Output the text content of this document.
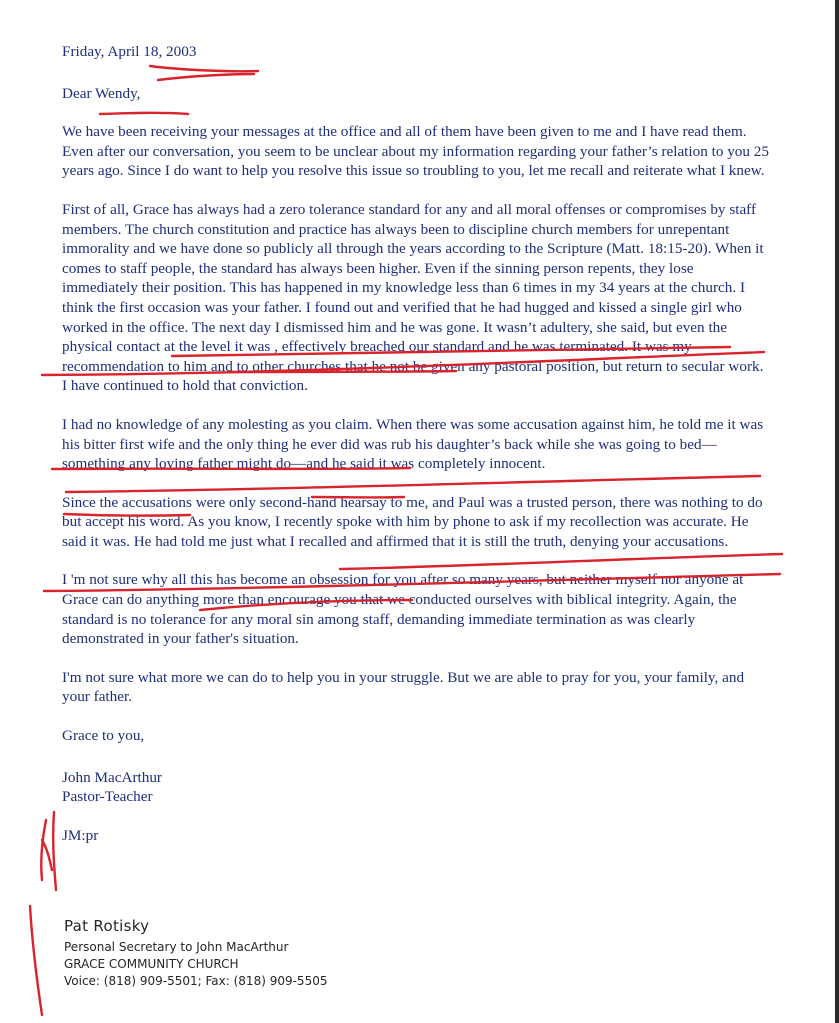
Friday, April 18, 2003
Dear Wendy,

We have been receiving your messages at the office and all of them have been given to me and I have read them. Even after our conversation, you seem to be unclear about my information regarding your father’s relation to you 25 years ago. Since I do want to help you resolve this issue so troubling to you, let me recall and reiterate what I knew.

First of all, Grace has always had a zero tolerance standard for any and all moral offenses or compromises by staff members. The church constitution and practice has always been to discipline church members for unrepentant immorality and we have done so publicly all through the years according to the Scripture (Matt. 18:15-20). When it comes to staff people, the standard has always been higher. Even if the sinning person repents, they lose immediately their position. This has happened in my knowledge less than 6 times in my 34 years at the church. I think the first occasion was your father. I found out and verified that he had hugged and kissed a single girl who worked in the office. The next day I dismissed him and he was gone. It wasn’t adultery, she said, but even the physical contact at the level it was , effectively breached our standard and he was terminated. It was my recommendation to him and to other churches that he not be given any pastoral position, but return to secular work. I have continued to hold that conviction.

I had no knowledge of any molesting as you claim. When there was some accusation against him, he told me it was his bitter first wife and the only thing he ever did was rub his daughter’s back while she was going to bed—something any loving father might do—and he said it was completely innocent.

Since the accusations were only second-hand hearsay to me, and Paul was a trusted person, there was nothing to do but accept his word. As you know, I recently spoke with him by phone to ask if my recollection was accurate. He said it was. He had told me just what I recalled and affirmed that it is still the truth, denying your accusations.

I 'm not sure why all this has become an obsession for you after so many years, but neither myself nor anyone at Grace can do anything more than encourage you that we conducted ourselves with biblical integrity. Again, the standard is no tolerance for any moral sin among staff, demanding immediate termination as was clearly demonstrated in your father's situation.

I'm not sure what more we can do to help you in your struggle. But we are able to pray for you, your family, and your father.

Grace to you,
John MacArthur
Pastor-Teacher
JM:pr
Pat Rotisky
Personal Secretary to John MacArthur
GRACE COMMUNITY CHURCH
Voice: (818) 909-5501; Fax: (818) 909-5505
